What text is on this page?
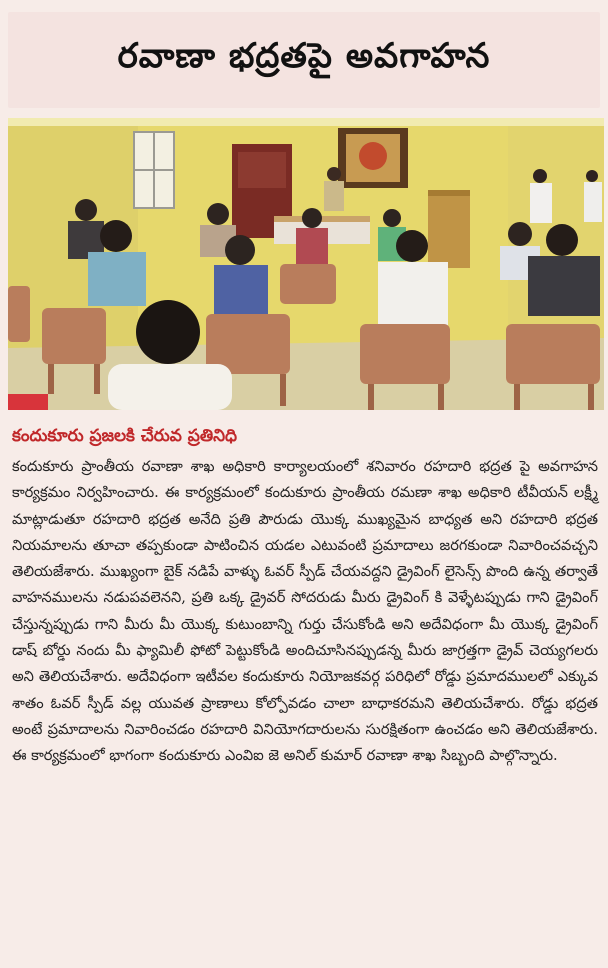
రవాణా భద్రతపై అవగాహన
కందుకూరు ప్రజలకి చేరువ ప్రతినిధి

కందుకూరు ప్రాంతీయ రవాణా శాఖ అధికారి కార్యాలయంలో శనివారం రహదారి భద్రత పై అవగాహన కార్యక్రమం నిర్వహించారు. ఈ కార్యక్రమంలో కందుకూరు ప్రాంతీయ రమణా శాఖ అధికారి టీవీయన్ లక్ష్మీ మాట్లాడుతూ రహదారి భద్రత అనేది ప్రతి పౌరుడు యొక్క ముఖ్యమైన బాధ్యత అని రహదారి భద్రత నియమాలను తూచా తప్పకుండా పాటించిన యడల ఎటువంటి ప్రమాదాలు జరగకుండా నివారించవచ్చని తెలియజేశారు. ముఖ్యంగా బైక్ నడిపే వాళ్ళు ఓవర్ స్పీడ్ చేయవద్దని డ్రైవింగ్ లైసెన్స్ పొంది ఉన్న తర్వాతే వాహనములను నడుపవలెనని, ప్రతి ఒక్క డ్రైవర్ సోదరుడు మీరు డ్రైవింగ్ కి వెళ్ళేటప్పుడు గాని డ్రైవింగ్ చేస్తున్నప్పుడు గాని మీరు మీ యొక్క కుటుంబాన్ని గుర్తు చేసుకోండి అని అదేవిధంగా మీ యొక్క డ్రైవింగ్ డాష్ బోర్డు నందు మీ ఫ్యామిలీ ఫోటో పెట్టుకోండి అందిచూసినప్పుడన్న మీరు జాగ్రత్తగా డ్రైవ్ చెయ్యగలరు అని తెలియచేశారు. అదేవిధంగా ఇటీవల కందుకూరు నియోజకవర్గ పరిధిలో రోడ్డు ప్రమాదములలో ఎక్కువ శాతం ఓవర్ స్పీడ్ వల్ల యువత ప్రాణాలు కోల్పోవడం చాలా బాధాకరమని తెలియచేశారు. రోడ్డు భద్రత అంటే ప్రమాదాలను నివారించడం రహదారి వినియోగదారులను సురక్షితంగా ఉంచడం అని తెలియజేశారు. ఈ కార్యక్రమంలో భాగంగా కందుకూరు ఎంవిఐ జె అనిల్ కుమార్ రవాణా శాఖ సిబ్బంది పాల్గొన్నారు.
